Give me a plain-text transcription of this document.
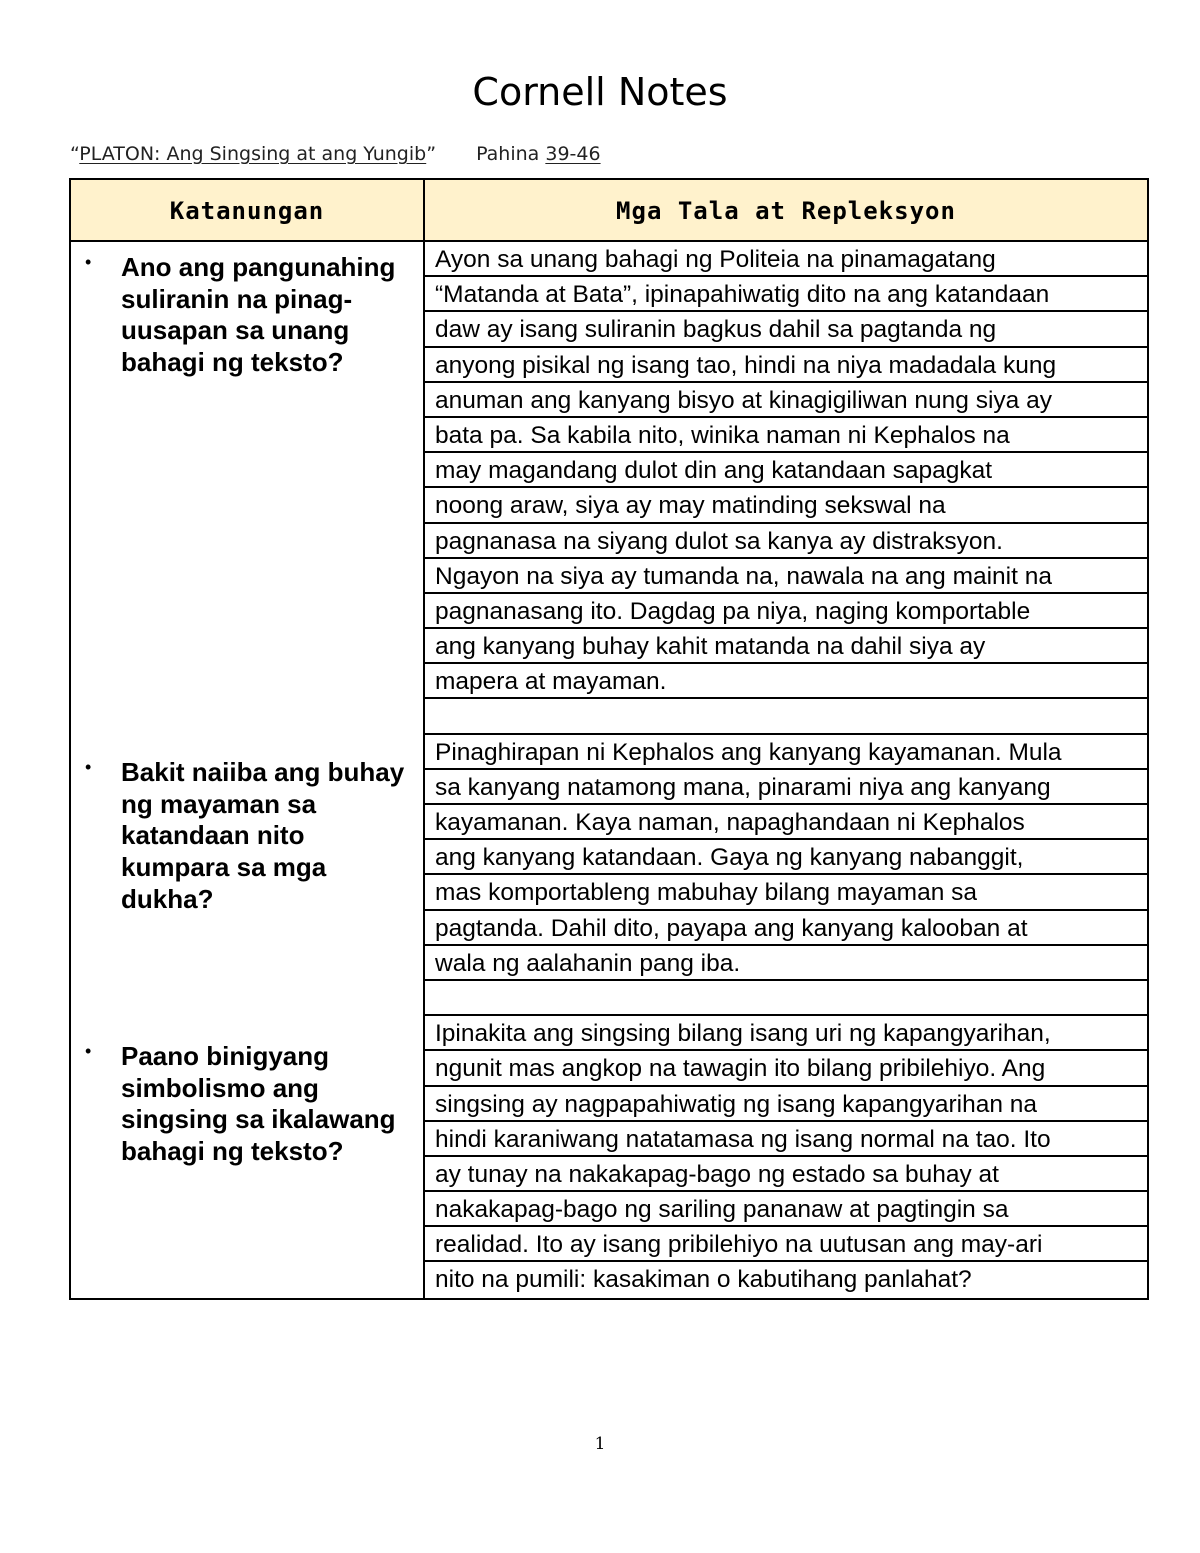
Cornell Notes
“PLATON: Ang Singsing at ang Yungib” Pahina 39-46
Katanungan	Mga Tala at Repleksyon
• Ano ang pangunahing suliranin na pinag-uusapan sa unang bahagi ng teksto?
• Bakit naiiba ang buhay ng mayaman sa katandaan nito kumpara sa mga dukha?
• Paano binigyang simbolismo ang singsing sa ikalawang bahagi ng teksto?
Ayon sa unang bahagi ng Politeia na pinamagatang
“Matanda at Bata”, ipinapahiwatig dito na ang katandaan
daw ay isang suliranin bagkus dahil sa pagtanda ng
anyong pisikal ng isang tao, hindi na niya madadala kung
anuman ang kanyang bisyo at kinagigiliwan nung siya ay
bata pa. Sa kabila nito, winika naman ni Kephalos na
may magandang dulot din ang katandaan sapagkat
noong araw, siya ay may matinding sekswal na
pagnanasa na siyang dulot sa kanya ay distraksyon.
Ngayon na siya ay tumanda na, nawala na ang mainit na
pagnanasang ito. Dagdag pa niya, naging komportable
ang kanyang buhay kahit matanda na dahil siya ay
mapera at mayaman.
Pinaghirapan ni Kephalos ang kanyang kayamanan. Mula
sa kanyang natamong mana, pinarami niya ang kanyang
kayamanan. Kaya naman, napaghandaan ni Kephalos
ang kanyang katandaan. Gaya ng kanyang nabanggit,
mas komportableng mabuhay bilang mayaman sa
pagtanda. Dahil dito, payapa ang kanyang kalooban at
wala ng aalahanin pang iba.
Ipinakita ang singsing bilang isang uri ng kapangyarihan,
ngunit mas angkop na tawagin ito bilang pribilehiyo. Ang
singsing ay nagpapahiwatig ng isang kapangyarihan na
hindi karaniwang natatamasa ng isang normal na tao. Ito
ay tunay na nakakapag-bago ng estado sa buhay at
nakakapag-bago ng sariling pananaw at pagtingin sa
realidad. Ito ay isang pribilehiyo na uutusan ang may-ari
nito na pumili: kasakiman o kabutihang panlahat?
1
